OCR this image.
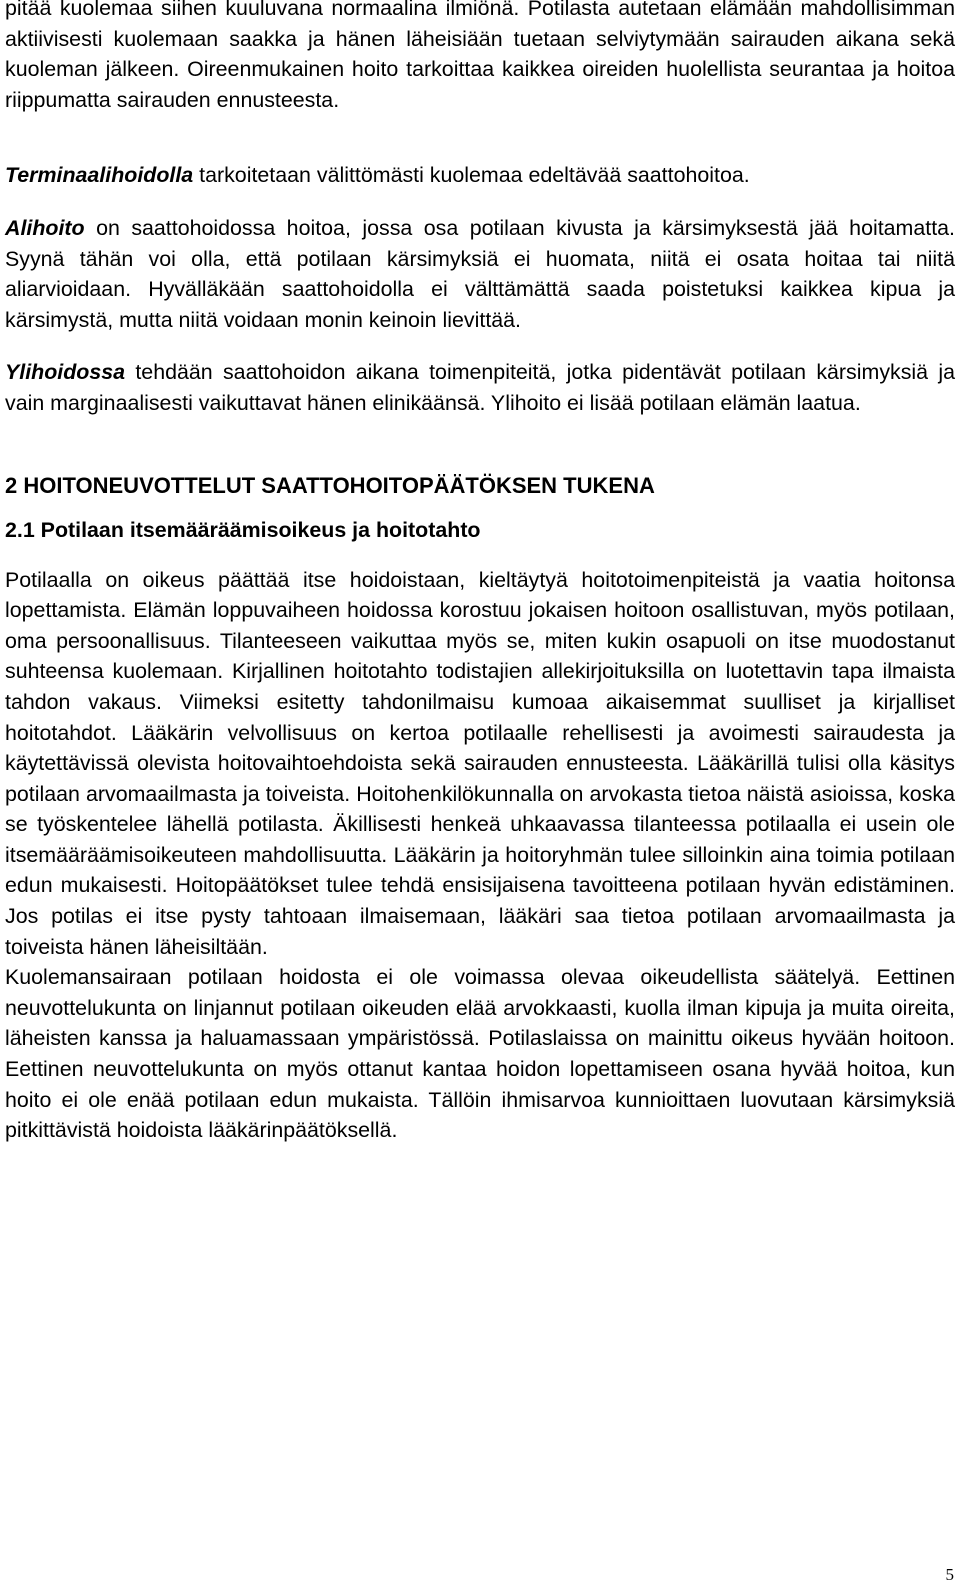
pitää kuolemaa siihen kuuluvana normaalina ilmiönä. Potilasta autetaan elämään mahdollisimman aktiivisesti kuolemaan saakka ja hänen läheisiään tuetaan selviytymään sairauden aikana sekä kuoleman jälkeen. Oireenmukainen hoito tarkoittaa kaikkea oireiden huolellista seurantaa ja hoitoa riippumatta sairauden ennusteesta.

Terminaalihoidolla tarkoitetaan välittömästi kuolemaa edeltävää saattohoitoa.

Alihoito on saattohoidossa hoitoa, jossa osa potilaan kivusta ja kärsimyksestä jää hoitamatta. Syynä tähän voi olla, että potilaan kärsimyksiä ei huomata, niitä ei osata hoitaa tai niitä aliarvioidaan. Hyvälläkään saattohoidolla ei välttämättä saada poistetuksi kaikkea kipua ja kärsimystä, mutta niitä voidaan monin keinoin lievittää.

Ylihoidossa tehdään saattohoidon aikana toimenpiteitä, jotka pidentävät potilaan kärsimyksiä ja vain marginaalisesti vaikuttavat hänen elinikäänsä. Ylihoito ei lisää potilaan elämän laatua.

2 HOITONEUVOTTELUT SAATTOHOITOPÄÄTÖKSEN TUKENA
2.1 Potilaan itsemääräämisoikeus ja hoitotahto

Potilaalla on oikeus päättää itse hoidoistaan, kieltäytyä hoitotoimenpiteistä ja vaatia hoitonsa lopettamista. Elämän loppuvaiheen hoidossa korostuu jokaisen hoitoon osallistuvan, myös potilaan, oma persoonallisuus. Tilanteeseen vaikuttaa myös se, miten kukin osapuoli on itse muodostanut suhteensa kuolemaan. Kirjallinen hoitotahto todistajien allekirjoituksilla on luotettavin tapa ilmaista tahdon vakaus. Viimeksi esitetty tahdonilmaisu kumoaa aikaisemmat suulliset ja kirjalliset hoitotahdot. Lääkärin velvollisuus on kertoa potilaalle rehellisesti ja avoimesti sairaudesta ja käytettävissä olevista hoitovaihtoehdoista sekä sairauden ennusteesta. Lääkärillä tulisi olla käsitys potilaan arvomaailmasta ja toiveista. Hoitohenkilökunnalla on arvokasta tietoa näistä asioissa, koska se työskentelee lähellä potilasta. Äkillisesti henkeä uhkaavassa tilanteessa potilaalla ei usein ole itsemääräämisoikeuteen mahdollisuutta. Lääkärin ja hoitoryhmän tulee silloinkin aina toimia potilaan edun mukaisesti. Hoitopäätökset tulee tehdä ensisijaisena tavoitteena potilaan hyvän edistäminen. Jos potilas ei itse pysty tahtoaan ilmaisemaan, lääkäri saa tietoa potilaan arvomaailmasta ja toiveista hänen läheisiltään.

Kuolemansairaan potilaan hoidosta ei ole voimassa olevaa oikeudellista säätelyä. Eettinen neuvottelukunta on linjannut potilaan oikeuden elää arvokkaasti, kuolla ilman kipuja ja muita oireita, läheisten kanssa ja haluamassaan ympäristössä. Potilaslaissa on mainittu oikeus hyvään hoitoon. Eettinen neuvottelukunta on myös ottanut kantaa hoidon lopettamiseen osana hyvää hoitoa, kun hoito ei ole enää potilaan edun mukaista. Tällöin ihmisarvoa kunnioittaen luovutaan kärsimyksiä pitkittävistä hoidoista lääkärinpäätöksellä.

5
